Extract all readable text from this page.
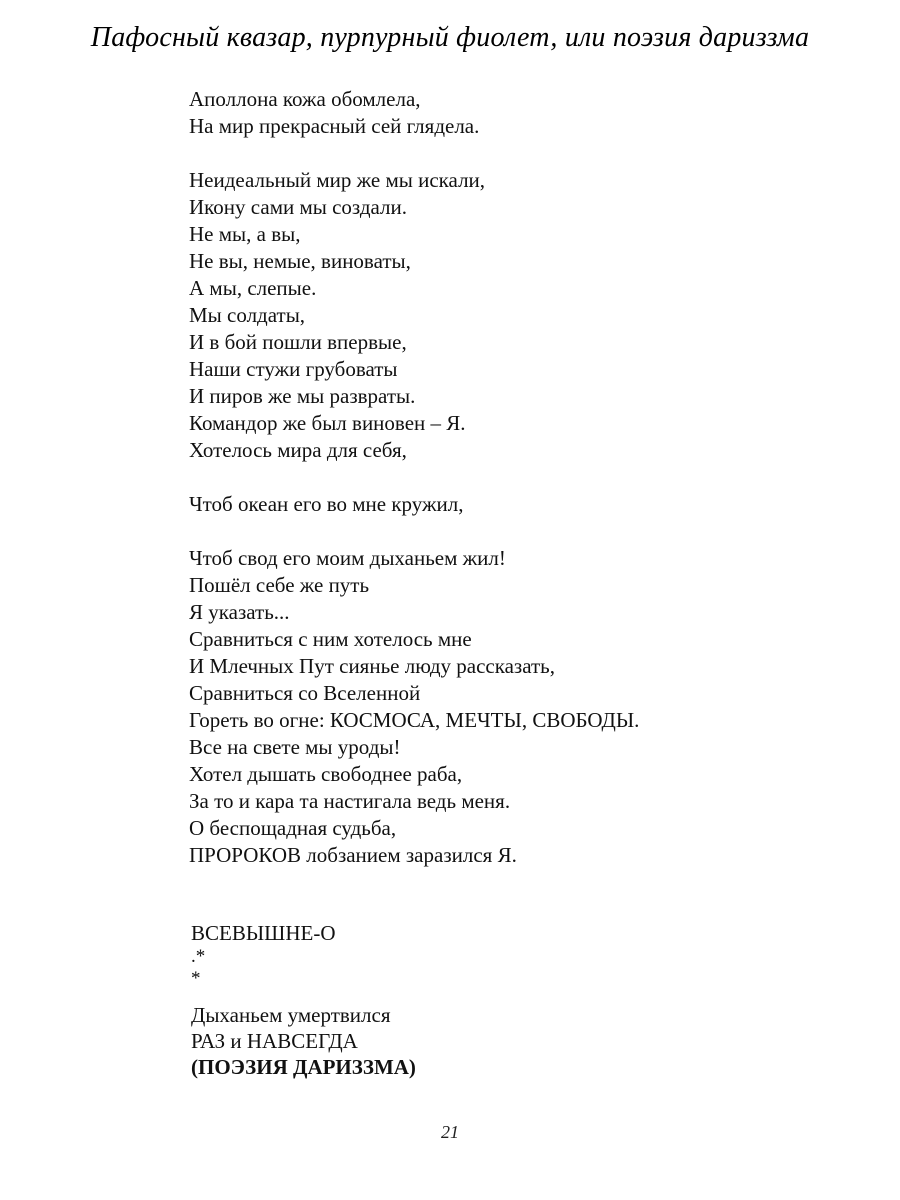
Пафосный квазар, пурпурный фиолет, или поэзия дариззма
Аполлона кожа обомлела,
На мир прекрасный сей глядела.
Неидеальный мир же мы искали,
Икону сами мы создали.
Не мы, а вы,
Не вы, немые, виноваты,
А мы, слепые.
Мы солдаты,
И в бой пошли впервые,
Наши стужи грубоваты
И пиров же мы развраты.
Командор же был виновен – Я.
Хотелось мира для себя,
Чтоб океан его во мне кружил,
Чтоб свод его моим дыханьем жил!
Пошёл себе же путь
Я указать...
Сравниться с ним хотелось мне
И Млечных Пут сиянье люду рассказать,
Сравниться со Вселенной
Гореть во огне: КОСМОСА, МЕЧТЫ, СВОБОДЫ.
Все на свете мы уроды!
Хотел дышать свободнее раба,
За то и кара та настигала ведь меня.
О беспощадная судьба,
ПРОРОКОВ лобзанием заразился Я.
ВСЕВЫШНЕ-О
.*
*
Дыханьем умертвился
РАЗ и НАВСЕГДА
(ПОЭЗИЯ ДАРИЗЗМА)
21
